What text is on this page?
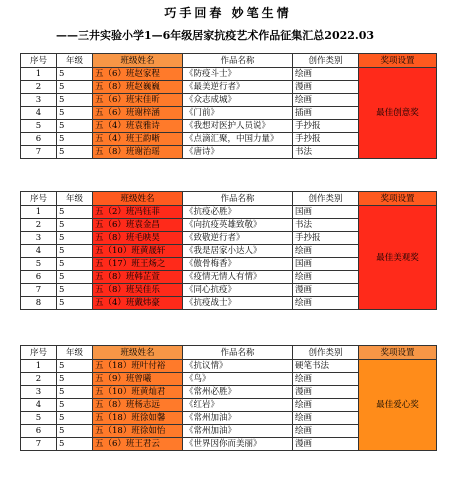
巧手回春 妙笔生情
——三井实验小学1—6年级居家抗疫艺术作品征集汇总2022.03
序号	年级	班级姓名	作品名称	创作类别	奖项设置
1	5	五（6）班赵家程	《防疫斗士》	绘画	最佳创意奖
2	5	五（8）班赵巍巍	《最美逆行者》	漫画	
3	5	五（6）班宋佳昕	《众志成城》	绘画	
4	5	五（6）班谢梓涵	《门前》	插画	
5	5	五（4）班袁雅诗	《我想对医护人员说》	手抄报	
6	5	五（4）班王韵晰	《点滴汇聚，中国力量》	手抄报	
7	5	五（8）班谢治瑶	《唐诗》	书法	
序号	年级	班级姓名	作品名称	创作类别	奖项设置
1	5	五（2）班冯钰菲	《抗疫必胜》	国画	最佳美观奖
2	5	五（6）班袁金昌	《向抗疫英雄致敬》	书法	
3	5	五（8）班毛映昊	《致敬逆行者》	手抄报	
4	5	五（10）班黄晟轩	《我是居家小达人》	绘画	
5	5	五（17）班王炀之	《傲骨梅香》	国画	
6	5	五（8）班韩芷萱	《疫情无情人有情》	绘画	
7	5	五（8）班吴佳乐	《同心抗疫》	漫画	
8	5	五（4）班戴炜豪	《抗疫战士》	绘画	
序号	年级	班级姓名	作品名称	创作类别	奖项设置
1	5	五（18）班叶付裕	《抗议情》	硬笔书法	最佳爱心奖
2	5	五（9）班曾曦	《鸟》	绘画	
3	5	五（10）班黄灿君	《常州必胜》	漫画	
4	5	五（8）班杨志远	《红岩》	绘画	
5	5	五（18）班徐如馨	《常州加油》	绘画	
6	5	五（18）班徐如怡	《常州加油》	绘画	
7	5	五（6）班王君云	《世界因你而美丽》	漫画	
